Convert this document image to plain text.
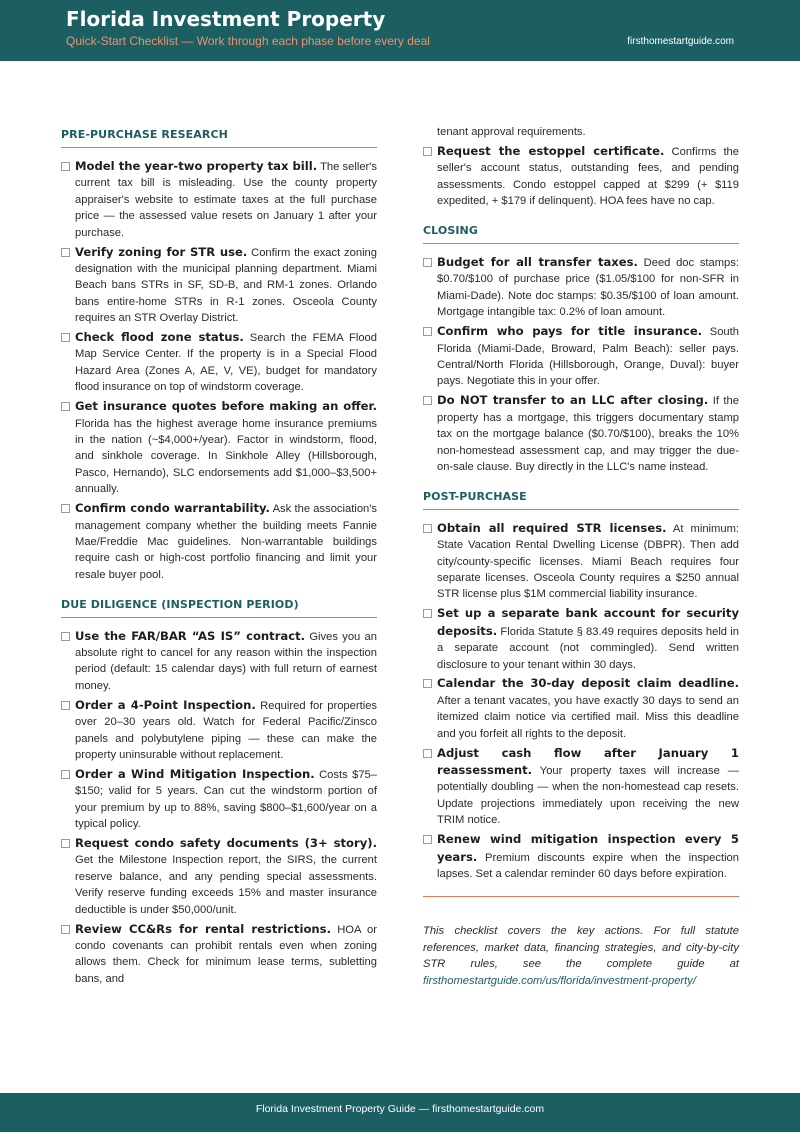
Florida Investment Property
Quick-Start Checklist — Work through each phase before every deal	firsthomestartguide.com
PRE-PURCHASE RESEARCH
Model the year-two property tax bill. The seller's current tax bill is misleading. Use the county property appraiser's website to estimate taxes at the full purchase price — the assessed value resets on January 1 after your purchase.
Verify zoning for STR use. Confirm the exact zoning designation with the municipal planning department. Miami Beach bans STRs in SF, SD-B, and RM-1 zones. Orlando bans entire-home STRs in R-1 zones. Osceola County requires an STR Overlay District.
Check flood zone status. Search the FEMA Flood Map Service Center. If the property is in a Special Flood Hazard Area (Zones A, AE, V, VE), budget for mandatory flood insurance on top of windstorm coverage.
Get insurance quotes before making an offer. Florida has the highest average home insurance premiums in the nation (~$4,000+/year). Factor in windstorm, flood, and sinkhole coverage. In Sinkhole Alley (Hillsborough, Pasco, Hernando), SLC endorsements add $1,000–$3,500+ annually.
Confirm condo warrantability. Ask the association's management company whether the building meets Fannie Mae/Freddie Mac guidelines. Non-warrantable buildings require cash or high-cost portfolio financing and limit your resale buyer pool.
DUE DILIGENCE (INSPECTION PERIOD)
Use the FAR/BAR “AS IS” contract. Gives you an absolute right to cancel for any reason within the inspection period (default: 15 calendar days) with full return of earnest money.
Order a 4-Point Inspection. Required for properties over 20–30 years old. Watch for Federal Pacific/Zinsco panels and polybutylene piping — these can make the property uninsurable without replacement.
Order a Wind Mitigation Inspection. Costs $75–$150; valid for 5 years. Can cut the windstorm portion of your premium by up to 88%, saving $800–$1,600/year on a typical policy.
Request condo safety documents (3+ story). Get the Milestone Inspection report, the SIRS, the current reserve balance, and any pending special assessments. Verify reserve funding exceeds 15% and master insurance deductible is under $50,000/unit.
Review CC&Rs for rental restrictions. HOA or condo covenants can prohibit rentals even when zoning allows them. Check for minimum lease terms, subletting bans, and
tenant approval requirements.
Request the estoppel certificate. Confirms the seller's account status, outstanding fees, and pending assessments. Condo estoppel capped at $299 (+ $119 expedited, + $179 if delinquent). HOA fees have no cap.
CLOSING
Budget for all transfer taxes. Deed doc stamps: $0.70/$100 of purchase price ($1.05/$100 for non-SFR in Miami-Dade). Note doc stamps: $0.35/$100 of loan amount. Mortgage intangible tax: 0.2% of loan amount.
Confirm who pays for title insurance. South Florida (Miami-Dade, Broward, Palm Beach): seller pays. Central/North Florida (Hillsborough, Orange, Duval): buyer pays. Negotiate this in your offer.
Do NOT transfer to an LLC after closing. If the property has a mortgage, this triggers documentary stamp tax on the mortgage balance ($0.70/$100), breaks the 10% non-homestead assessment cap, and may trigger the due-on-sale clause. Buy directly in the LLC's name instead.
POST-PURCHASE
Obtain all required STR licenses. At minimum: State Vacation Rental Dwelling License (DBPR). Then add city/county-specific licenses. Miami Beach requires four separate licenses. Osceola County requires a $250 annual STR license plus $1M commercial liability insurance.
Set up a separate bank account for security deposits. Florida Statute § 83.49 requires deposits held in a separate account (not commingled). Send written disclosure to your tenant within 30 days.
Calendar the 30-day deposit claim deadline. After a tenant vacates, you have exactly 30 days to send an itemized claim notice via certified mail. Miss this deadline and you forfeit all rights to the deposit.
Adjust cash flow after January 1 reassessment. Your property taxes will increase — potentially doubling — when the non-homestead cap resets. Update projections immediately upon receiving the new TRIM notice.
Renew wind mitigation inspection every 5 years. Premium discounts expire when the inspection lapses. Set a calendar reminder 60 days before expiration.
This checklist covers the key actions. For full statute references, market data, financing strategies, and city-by-city STR rules, see the complete guide at firsthomestartguide.com/us/florida/investment-property/
Florida Investment Property Guide — firsthomestartguide.com
